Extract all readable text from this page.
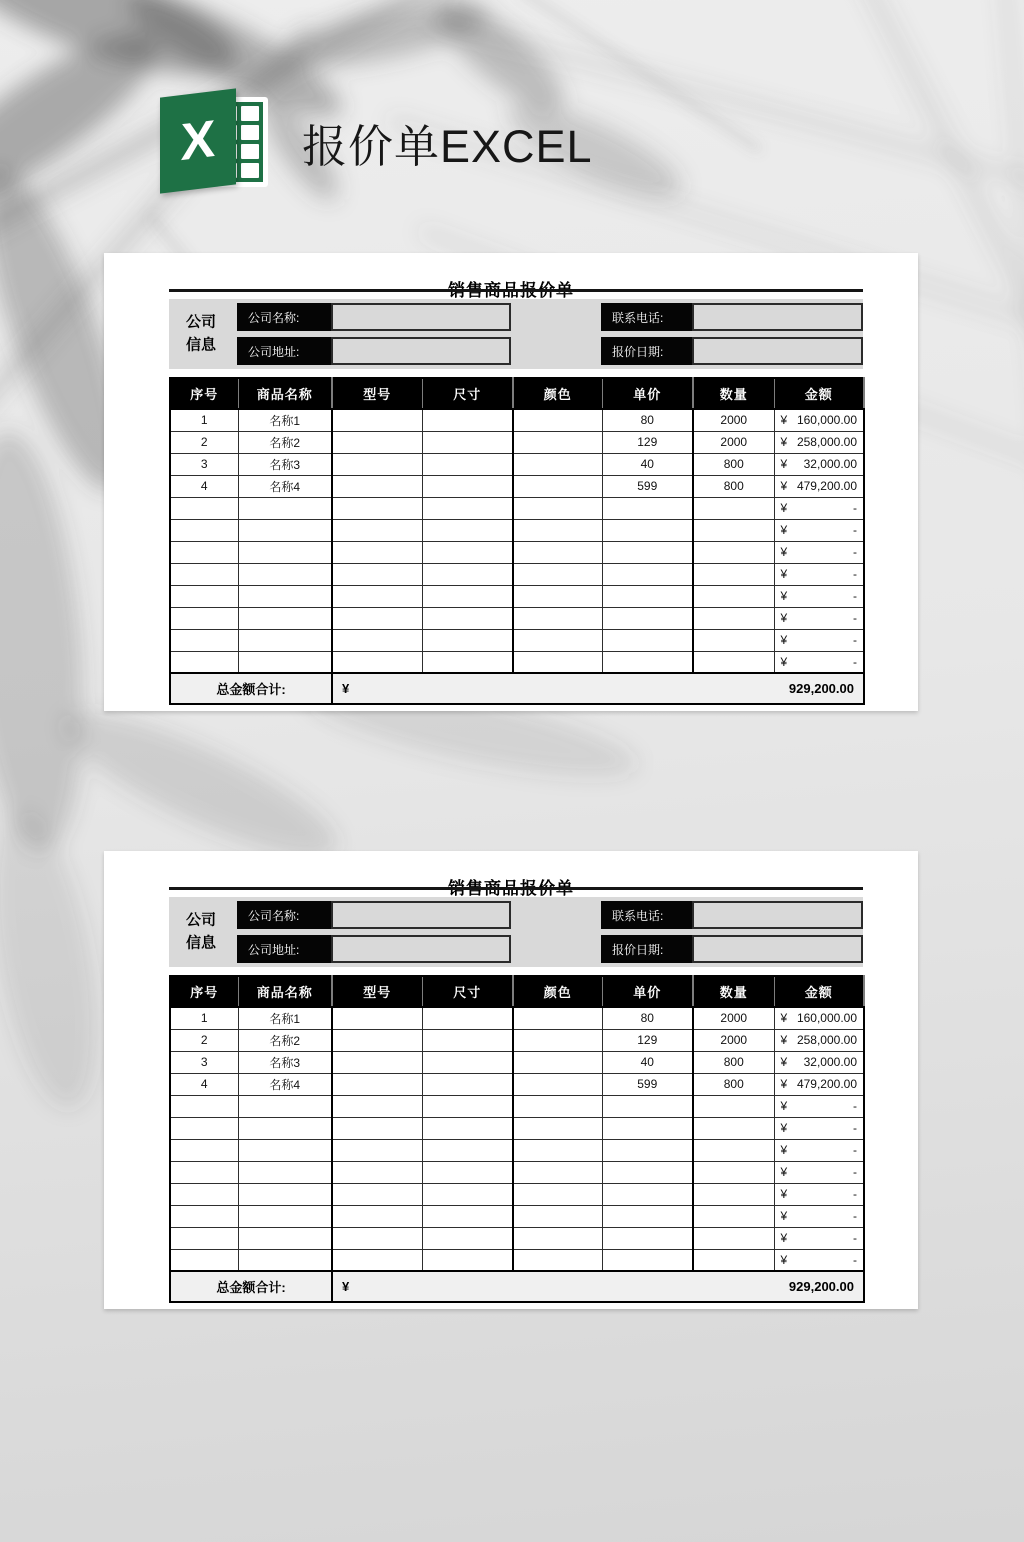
X 报价单EXCEL
公司信息
公司名称:	联系电话:
公司地址:	报价日期:
序号	商品名称	型号	尺寸	颜色	单价	数量	金额
1	名称1				80	2000	¥ 160,000.00

2	名称2				129	2000	¥ 258,000.00

3	名称3				40	800	¥ 32,000.00

4	名称4				599	800	¥ 479,200.00

							¥ -

							¥ -

							¥ -

							¥ -

							¥ -

							¥ -

							¥ -

							¥ -

总金额合计:		¥ 929,200.00					
公司信息
公司名称:	联系电话:
公司地址:	报价日期:
序号	商品名称	型号	尺寸	颜色	单价	数量	金额
1	名称1				80	2000	¥ 160,000.00

2	名称2				129	2000	¥ 258,000.00

3	名称3				40	800	¥ 32,000.00

4	名称4				599	800	¥ 479,200.00

							¥ -

							¥ -

							¥ -

							¥ -

							¥ -

							¥ -

							¥ -

							¥ -

总金额合计:		¥ 929,200.00					
